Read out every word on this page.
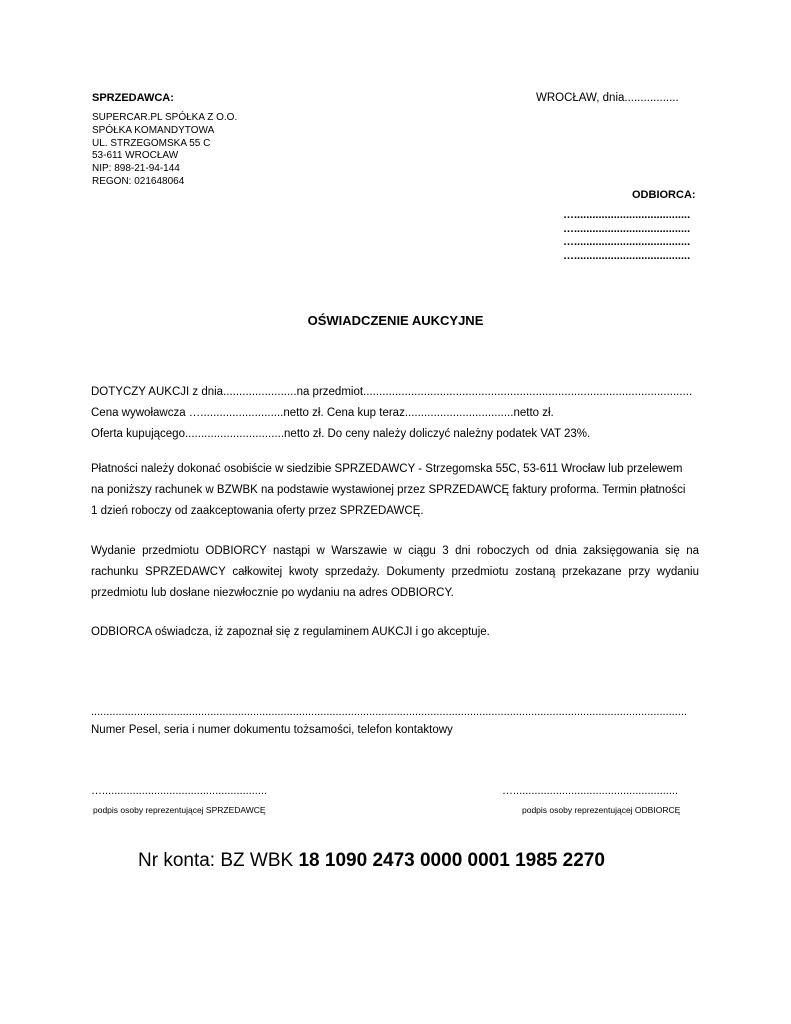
SPRZEDAWCA:
SUPERCAR.PL SPÓŁKA Z O.O.
SPÓŁKA KOMANDYTOWA
UL. STRZEGOMSKA 55 C
53-611 WROCŁAW
NIP: 898-21-94-144
REGON: 021648064
WROCŁAW, dnia.................
ODBIORCA:
…......................................
…......................................
…......................................
…......................................
OŚWIADCZENIE AUKCYJNE
DOTYCZY AUKCJI z dnia.......................na przedmiot.......................................................................................................
Cena wywoławcza …..........................netto zł. Cena kup teraz..................................netto zł.
Oferta kupującego...............................netto zł. Do ceny należy doliczyć należny podatek VAT 23%.
Płatności należy dokonać osobiście w siedzibie SPRZEDAWCY - Strzegomska 55C, 53-611 Wrocław lub przelewem
na poniższy rachunek w BZWBK na podstawie wystawionej przez SPRZEDAWCĘ faktury proforma. Termin płatności
1 dzień roboczy od zaakceptowania oferty przez SPRZEDAWCĘ.
Wydanie przedmiotu ODBIORCY nastąpi w Warszawie w ciągu 3 dni roboczych od dnia zaksięgowania się na
rachunku SPRZEDAWCY całkowitej kwoty sprzedaży. Dokumenty przedmiotu zostaną przekazane przy wydaniu
przedmiotu lub dosłane niezwłocznie po wydaniu na adres ODBIORCY.
ODBIORCA oświadcza, iż zapoznał się z regulaminem AUKCJI i go akceptuje.
...................................................................................................................................................................................................
Numer Pesel, seria i numer dokumentu tożsamości, telefon kontaktowy
…......................................................	…......................................................
podpis osoby reprezentującej SPRZEDAWCĘ	podpis osoby reprezentującej ODBIORCĘ
Nr konta: BZ WBK 18 1090 2473 0000 0001 1985 2270
